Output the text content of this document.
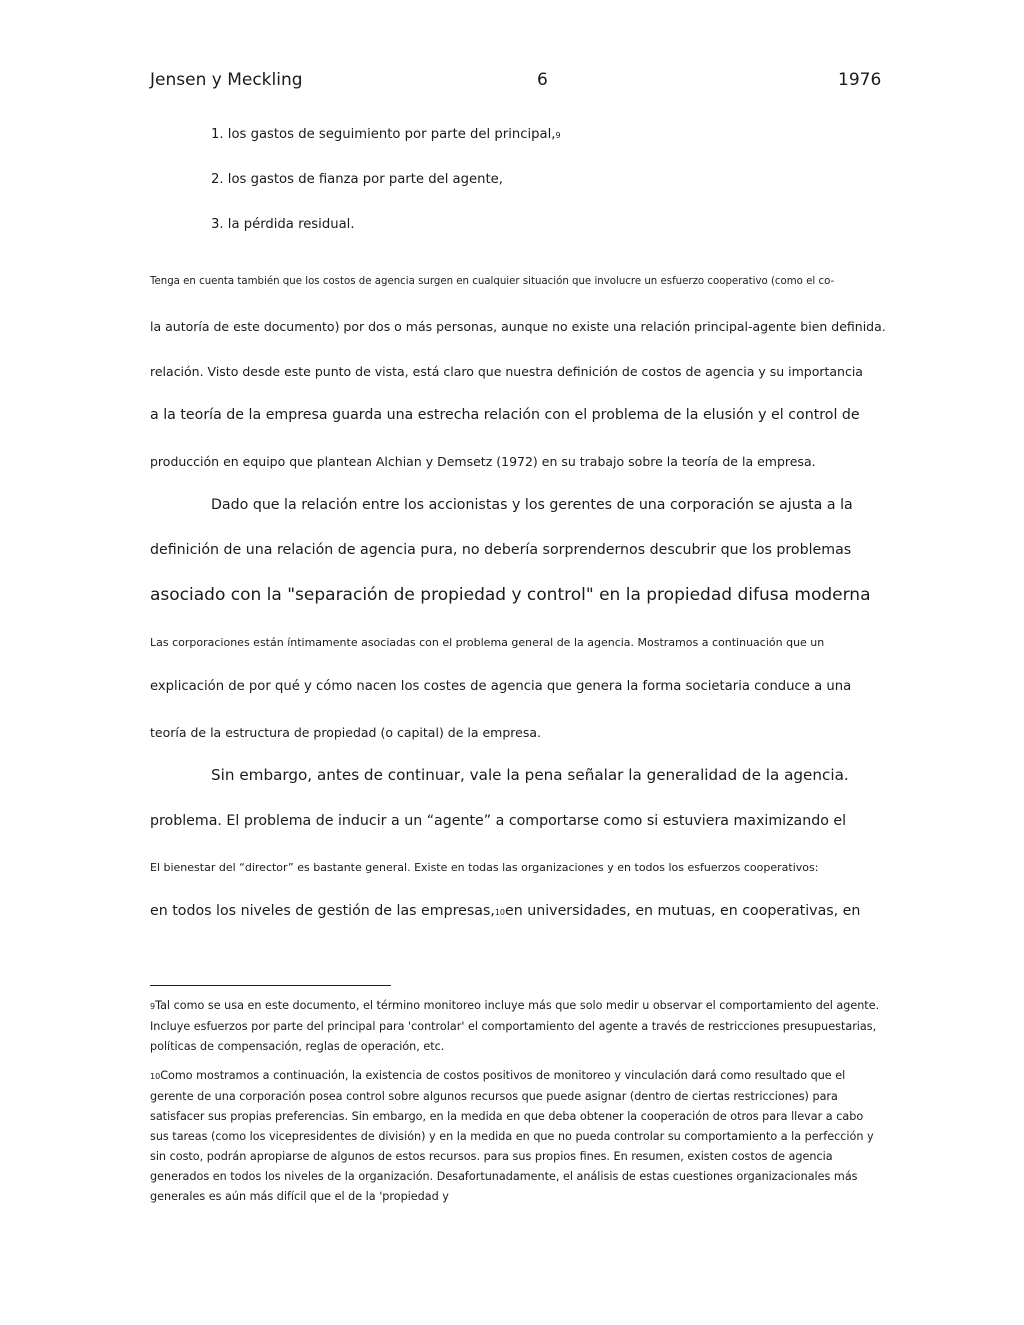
Jensen y Meckling	6	1976
1. los gastos de seguimiento por parte del principal,9
2. los gastos de fianza por parte del agente,
3. la pérdida residual.
Tenga en cuenta también que los costos de agencia surgen en cualquier situación que involucre un esfuerzo cooperativo (como el co-
la autoría de este documento) por dos o más personas, aunque no existe una relación principal-agente bien definida.
relación. Visto desde este punto de vista, está claro que nuestra definición de costos de agencia y su importancia
a la teoría de la empresa guarda una estrecha relación con el problema de la elusión y el control de
producción en equipo que plantean Alchian y Demsetz (1972) en su trabajo sobre la teoría de la empresa.
Dado que la relación entre los accionistas y los gerentes de una corporación se ajusta a la
definición de una relación de agencia pura, no debería sorprendernos descubrir que los problemas
asociado con la "separación de propiedad y control" en la propiedad difusa moderna
Las corporaciones están íntimamente asociadas con el problema general de la agencia. Mostramos a continuación que un
explicación de por qué y cómo nacen los costes de agencia que genera la forma societaria conduce a una
teoría de la estructura de propiedad (o capital) de la empresa.
Sin embargo, antes de continuar, vale la pena señalar la generalidad de la agencia.
problema. El problema de inducir a un “agente” a comportarse como si estuviera maximizando el
El bienestar del “director” es bastante general. Existe en todas las organizaciones y en todos los esfuerzos cooperativos:
en todos los niveles de gestión de las empresas,10en universidades, en mutuas, en cooperativas, en
9Tal como se usa en este documento, el término monitoreo incluye más que solo medir u observar el comportamiento del agente. Incluye esfuerzos por parte del principal para 'controlar' el comportamiento del agente a través de restricciones presupuestarias, políticas de compensación, reglas de operación, etc.
10Como mostramos a continuación, la existencia de costos positivos de monitoreo y vinculación dará como resultado que el gerente de una corporación posea control sobre algunos recursos que puede asignar (dentro de ciertas restricciones) para satisfacer sus propias preferencias. Sin embargo, en la medida en que deba obtener la cooperación de otros para llevar a cabo sus tareas (como los vicepresidentes de división) y en la medida en que no pueda controlar su comportamiento a la perfección y sin costo, podrán apropiarse de algunos de estos recursos. para sus propios fines. En resumen, existen costos de agencia generados en todos los niveles de la organización. Desafortunadamente, el análisis de estas cuestiones organizacionales más generales es aún más difícil que el de la 'propiedad y
